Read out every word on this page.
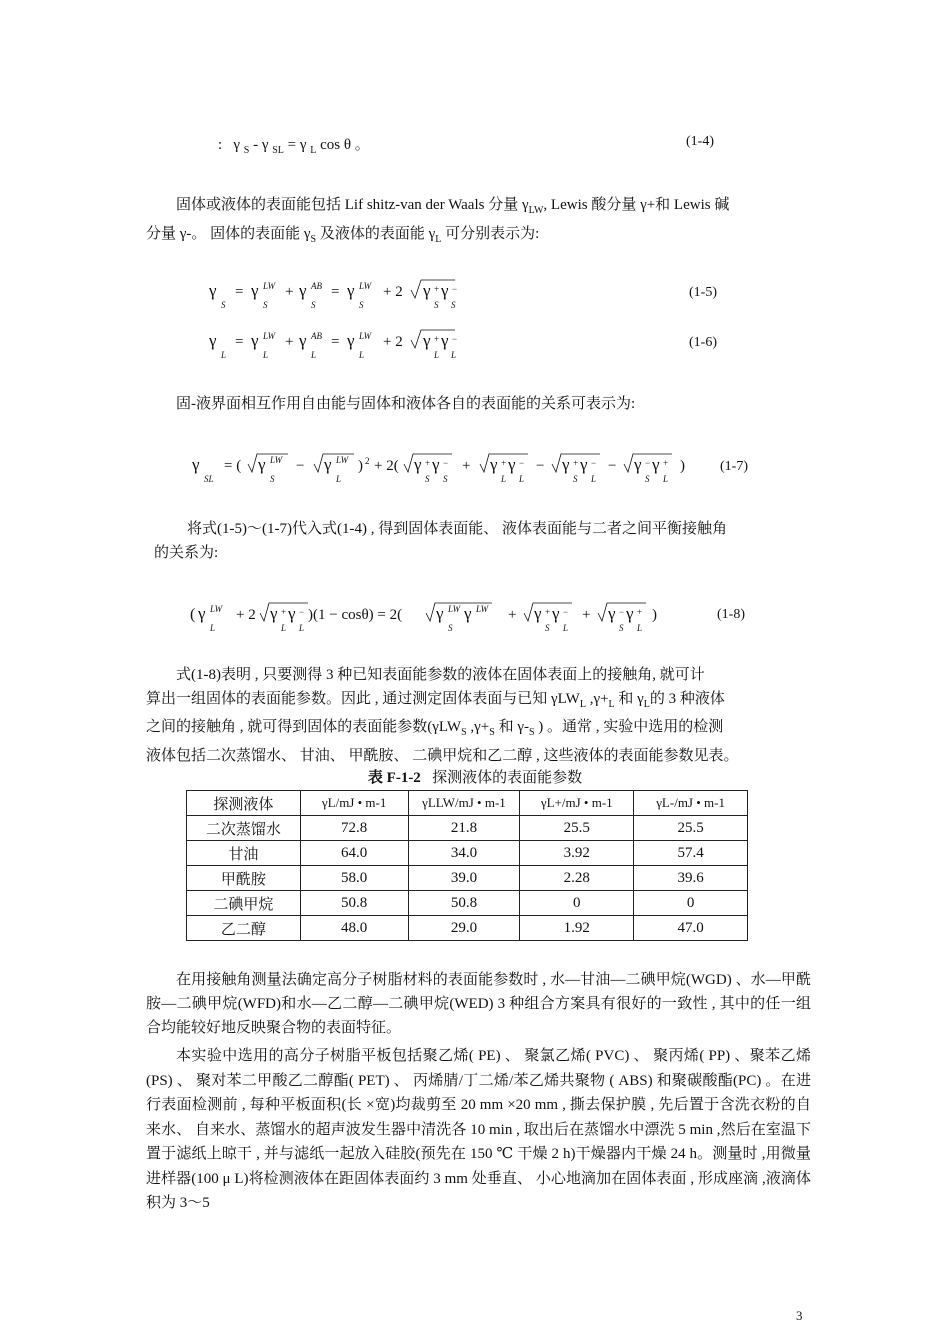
:   γ $_S$ - γ $_{SL}$ = γ $_L$ cos θ 。	(1-4)
固体或液体的表面能包括 Lif shitz-van der Waals 分量 $\gamma_{LW}$, Lewis 酸分量 γ+和 Lewis 碱
分量 γ-。 固体的表面能 $\gamma_S$ 及液体的表面能 $\gamma_L$ 可分别表示为:
γ
S
= γ LW
S
+ γ AB
S
= γ LW
S
+ 2 γ + γ −
S S
(1-5)
γ
L
= γ LW
L
+ γ AB
L
= γ LW
L
+ 2 γ + γ −
L L
(1-6)
固-液界面相互作用自由能与固体和液体各自的表面能的关系可表示为:
γ
SL
= ( γ LW
S
− γ LW
L
) 2 + 2( γ + γ −
S S
+ γ + γ −
L L
− γ + γ −
S L
− γ − γ +
S L
)	(1-7)
将式(1-5)～(1-7)代入式(1-4) , 得到固体表面能、 液体表面能与二者之间平衡接触角
的关系为:
( γ LW
L
+ 2 γ + γ −
L L
)(1 − cosθ) = 2( γ LW
S
γ LW + γ + γ −
S L
+ γ − γ +
S L
)	(1-8)
式(1-8)表明 , 只要测得 3 种已知表面能参数的液体在固体表面上的接触角, 就可计
算出一组固体的表面能参数。因此 , 通过测定固体表面与已知 γLW$_L$ $,\gamma+_L$ 和 $\gamma_L$的 3 种液体
之间的接触角 , 就可得到固体的表面能参数(γLW$_S$ $,\gamma+_S$ 和 $\gamma-_S$ ) 。通常 , 实验中选用的检测
液体包括二次蒸馏水、 甘油、 甲酰胺、 二碘甲烷和乙二醇 , 这些液体的表面能参数见表。
表 F-1-2 探测液体的表面能参数
探测液体	γL/mJ • m-1	γLLW/mJ • m-1	γL+/mJ • m-1	γL-/mJ • m-1
二次蒸馏水	72.8	21.8	25.5	25.5
甘油	64.0	34.0	3.92	57.4
甲酰胺	58.0	39.0	2.28	39.6
二碘甲烷	50.8	50.8	0	0
乙二醇	48.0	29.0	1.92	47.0
在用接触角测量法确定高分子树脂材料的表面能参数时 , 水—甘油—二碘甲烷(WGD) 、水—甲酰胺—二碘甲烷(WFD)和水—乙二醇—二碘甲烷(WED) 3 种组合方案具有很好的一致性 , 其中的任一组合均能较好地反映聚合物的表面特征。
本实验中选用的高分子树脂平板包括聚乙烯( PE) 、 聚氯乙烯( PVC) 、 聚丙烯( PP) 、聚苯乙烯(PS) 、 聚对苯二甲酸乙二醇酯( PET) 、 丙烯腈/丁二烯/苯乙烯共聚物 ( ABS) 和聚碳酸酯(PC) 。在进行表面检测前 , 每种平板面积(长 ×宽)均裁剪至 20 mm ×20 mm , 撕去保护膜 , 先后置于含洗衣粉的自来水、 自来水、蒸馏水的超声波发生器中清洗各 10 min , 取出后在蒸馏水中漂洗 5 min ,然后在室温下置于滤纸上晾干 , 并与滤纸一起放入硅胶(预先在 150 ℃ 干燥 2 h)干燥器内干燥 24 h。测量时 ,用微量进样器(100 μ L)将检测液体在距固体表面约 3 mm 处垂直、 小心地滴加在固体表面 , 形成座滴 ,液滴体积为 3～5
3
